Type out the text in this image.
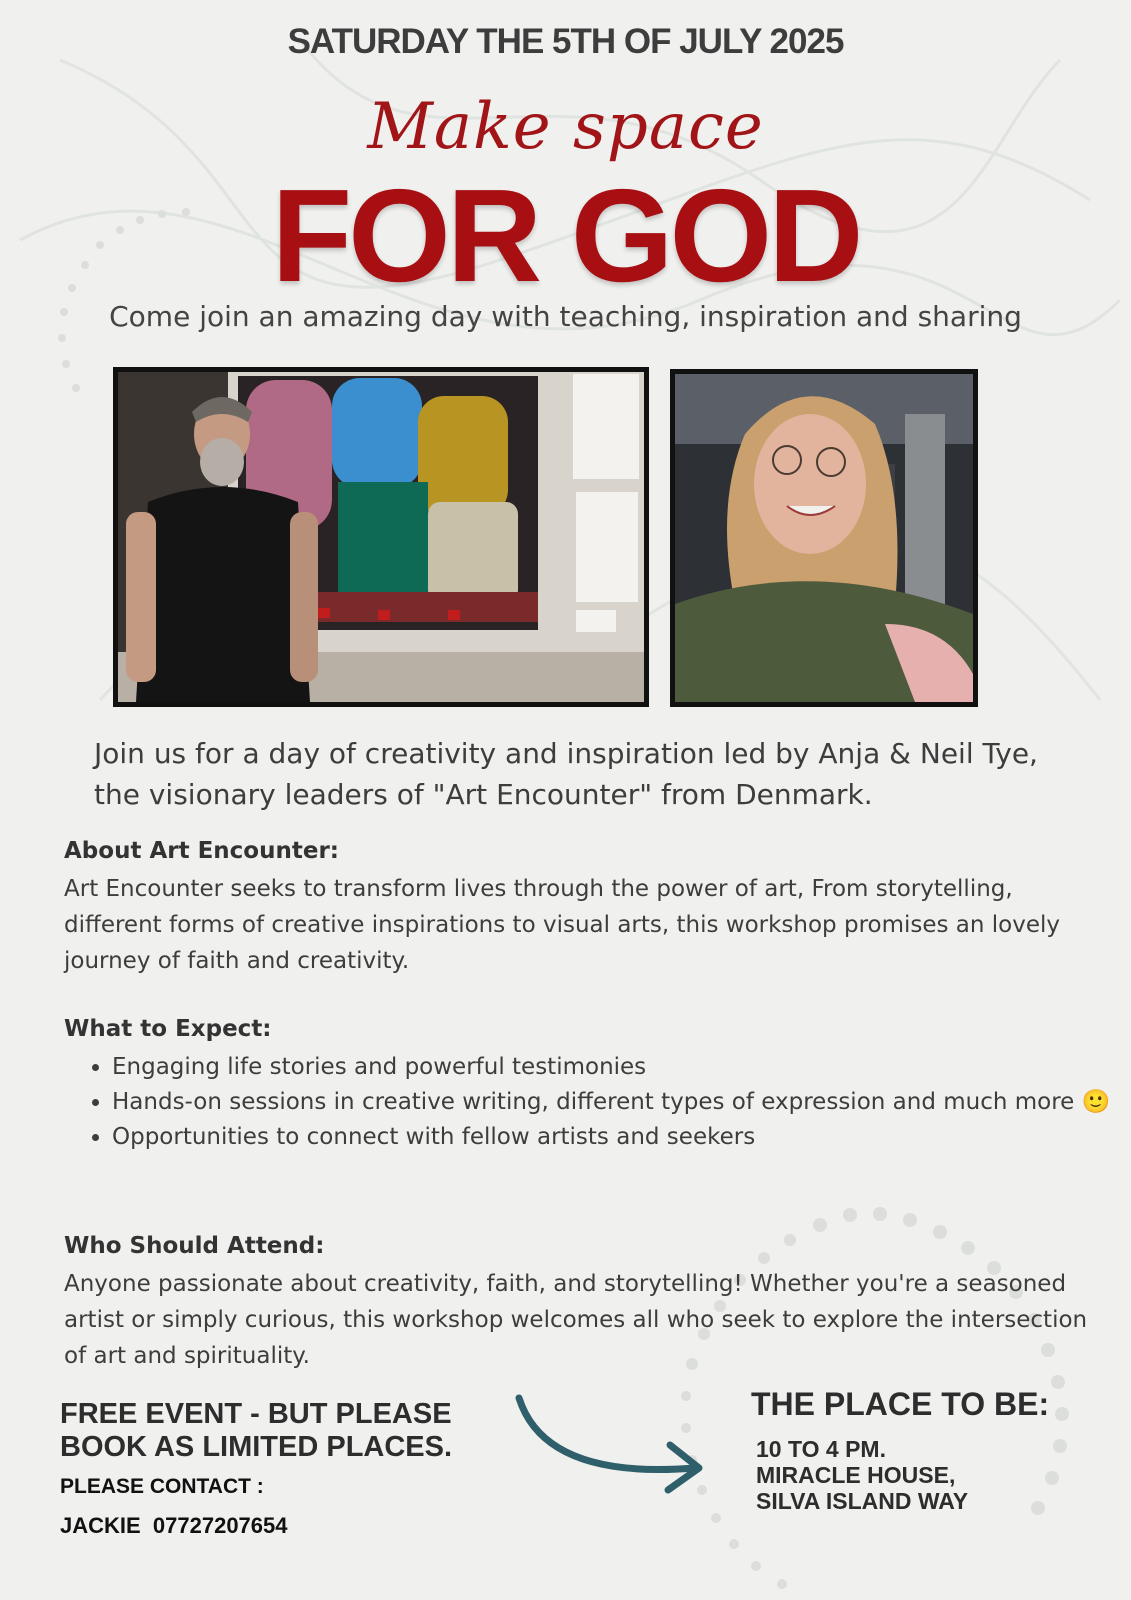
SATURDAY THE 5TH OF JULY 2025
Make space
FOR GOD
Come join an amazing day with teaching, inspiration and sharing
Join us for a day of creativity and inspiration led by Anja & Neil Tye,
the visionary leaders of "Art Encounter" from Denmark.
About Art Encounter:
Art Encounter seeks to transform lives through the power of art, From storytelling, different forms of creative inspirations to visual arts, this workshop promises an lovely journey of faith and creativity.
What to Expect:
• Engaging life stories and powerful testimonies
• Hands-on sessions in creative writing, different types of expression and much more 🙂
• Opportunities to connect with fellow artists and seekers
Who Should Attend:
Anyone passionate about creativity, faith, and storytelling! Whether you're a seasoned artist or simply curious, this workshop welcomes all who seek to explore the intersection of art and spirituality.
FREE EVENT - BUT PLEASE
BOOK AS LIMITED PLACES.
PLEASE CONTACT :
JACKIE  07727207654
THE PLACE TO BE:
10 TO 4 PM.
MIRACLE HOUSE,
SILVA ISLAND WAY
